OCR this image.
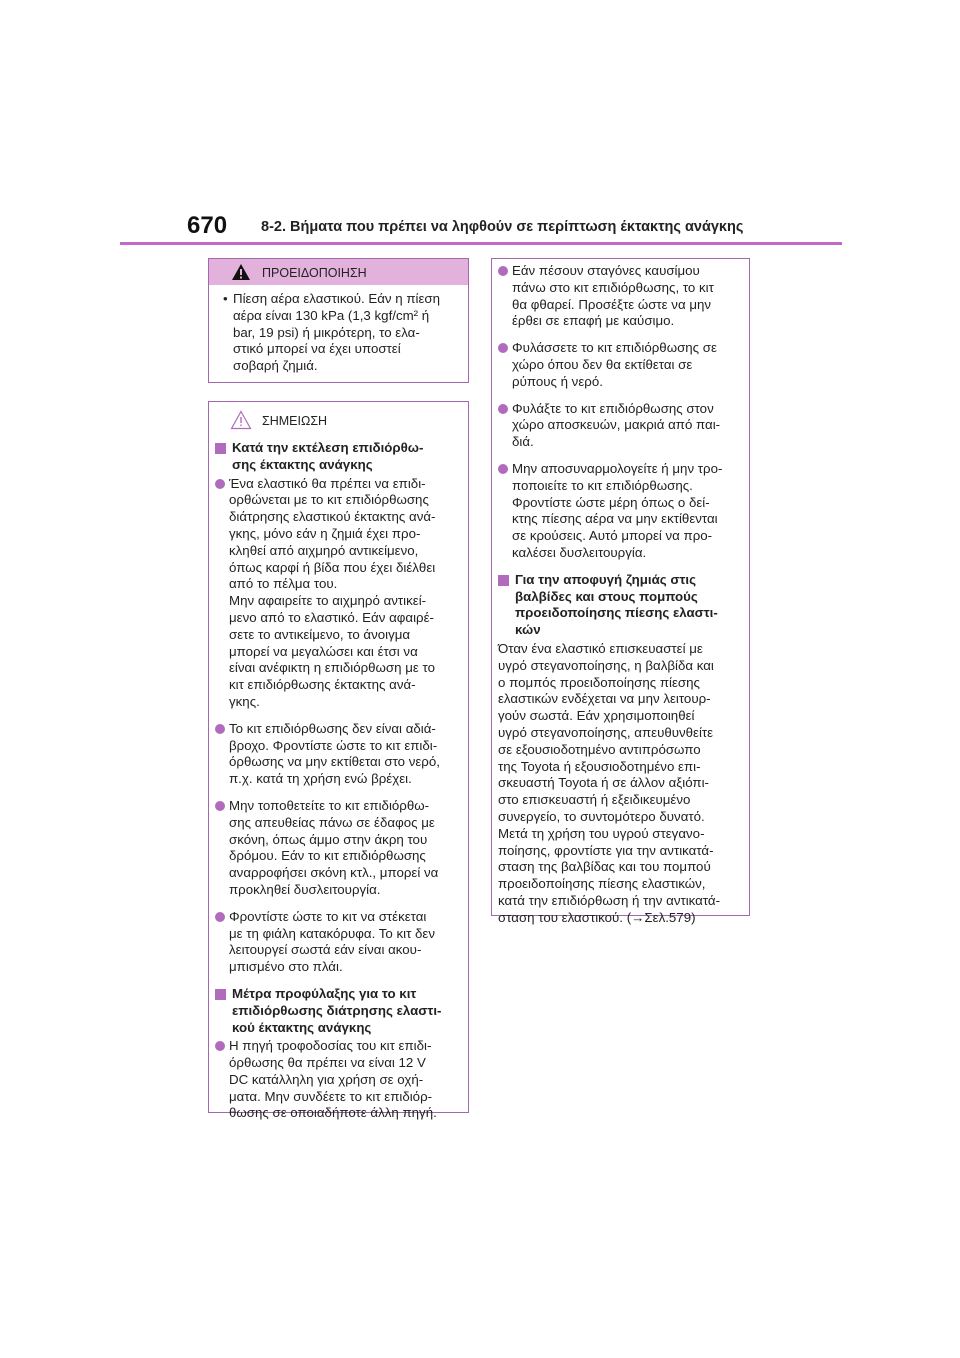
670 8-2. Βήματα που πρέπει να ληφθούν σε περίπτωση έκτακτης ανάγκης
ΠΡΟΕΙΔΟΠΟΙΗΣΗ
• Πίεση αέρα ελαστικού. Εάν η πίεση
αέρα είναι 130 kPa (1,3 kgf/cm² ή
bar, 19 psi) ή μικρότερη, το ελα-
στικό μπορεί να έχει υποστεί
σοβαρή ζημιά.
ΣΗΜΕΙΩΣΗ
Κατά την εκτέλεση επιδιόρθω-
σης έκτακτης ανάγκης
Ένα ελαστικό θα πρέπει να επιδι-
ορθώνεται με το κιτ επιδιόρθωσης
διάτρησης ελαστικού έκτακτης ανά-
γκης, μόνο εάν η ζημιά έχει προ-
κληθεί από αιχμηρό αντικείμενο,
όπως καρφί ή βίδα που έχει διέλθει
από το πέλμα του.
Μην αφαιρείτε το αιχμηρό αντικεί-
μενο από το ελαστικό. Εάν αφαιρέ-
σετε το αντικείμενο, το άνοιγμα
μπορεί να μεγαλώσει και έτσι να
είναι ανέφικτη η επιδιόρθωση με το
κιτ επιδιόρθωσης έκτακτης ανά-
γκης.
Το κιτ επιδιόρθωσης δεν είναι αδιά-
βροχο. Φροντίστε ώστε το κιτ επιδι-
όρθωσης να μην εκτίθεται στο νερό,
π.χ. κατά τη χρήση ενώ βρέχει.
Μην τοποθετείτε το κιτ επιδιόρθω-
σης απευθείας πάνω σε έδαφος με
σκόνη, όπως άμμο στην άκρη του
δρόμου. Εάν το κιτ επιδιόρθωσης
αναρροφήσει σκόνη κτλ., μπορεί να
προκληθεί δυσλειτουργία.
Φροντίστε ώστε το κιτ να στέκεται
με τη φιάλη κατακόρυφα. Το κιτ δεν
λειτουργεί σωστά εάν είναι ακου-
μπισμένο στο πλάι.
Μέτρα προφύλαξης για το κιτ
επιδιόρθωσης διάτρησης ελαστι-
κού έκτακτης ανάγκης
Η πηγή τροφοδοσίας του κιτ επιδι-
όρθωσης θα πρέπει να είναι 12 V
DC κατάλληλη για χρήση σε οχή-
ματα. Μην συνδέετε το κιτ επιδιόρ-
θωσης σε οποιαδήποτε άλλη πηγή.
Εάν πέσουν σταγόνες καυσίμου
πάνω στο κιτ επιδιόρθωσης, το κιτ
θα φθαρεί. Προσέξτε ώστε να μην
έρθει σε επαφή με καύσιμο.
Φυλάσσετε το κιτ επιδιόρθωσης σε
χώρο όπου δεν θα εκτίθεται σε
ρύπους ή νερό.
Φυλάξτε το κιτ επιδιόρθωσης στον
χώρο αποσκευών, μακριά από παι-
διά.
Μην αποσυναρμολογείτε ή μην τρο-
ποποιείτε το κιτ επιδιόρθωσης.
Φροντίστε ώστε μέρη όπως ο δεί-
κτης πίεσης αέρα να μην εκτίθενται
σε κρούσεις. Αυτό μπορεί να προ-
καλέσει δυσλειτουργία.
Για την αποφυγή ζημιάς στις
βαλβίδες και στους πομπούς
προειδοποίησης πίεσης ελαστι-
κών
Όταν ένα ελαστικό επισκευαστεί με
υγρό στεγανοποίησης, η βαλβίδα και
ο πομπός προειδοποίησης πίεσης
ελαστικών ενδέχεται να μην λειτουρ-
γούν σωστά. Εάν χρησιμοποιηθεί
υγρό στεγανοποίησης, απευθυνθείτε
σε εξουσιοδοτημένο αντιπρόσωπο
της Toyota ή εξουσιοδοτημένο επι-
σκευαστή Toyota ή σε άλλον αξιόπι-
στο επισκευαστή ή εξειδικευμένο
συνεργείο, το συντομότερο δυνατό.
Μετά τη χρήση του υγρού στεγανο-
ποίησης, φροντίστε για την αντικατά-
σταση της βαλβίδας και του πομπού
προειδοποίησης πίεσης ελαστικών,
κατά την επιδιόρθωση ή την αντικατά-
σταση του ελαστικού. (→Σελ.579)
